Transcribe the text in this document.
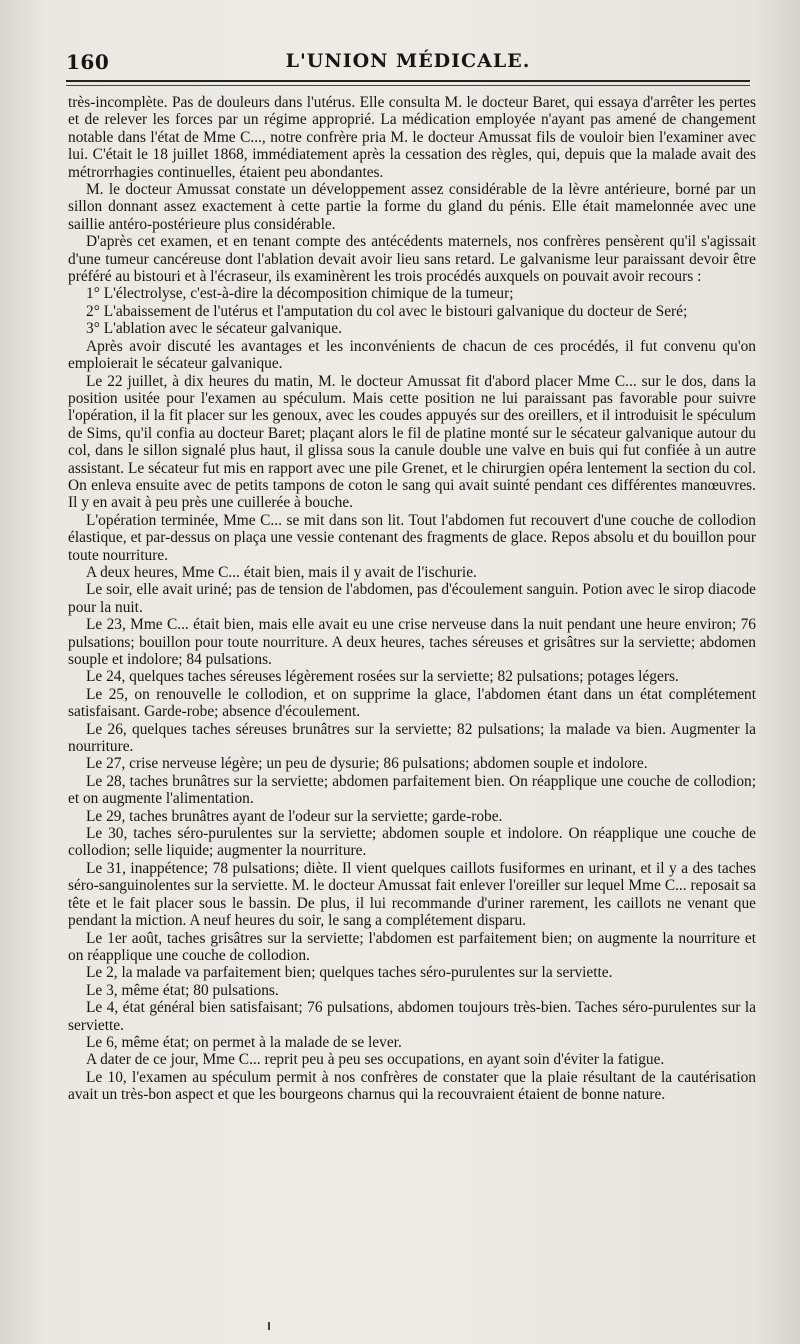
160	L'UNION MÉDICALE.

très-incomplète. Pas de douleurs dans l'utérus. Elle consulta M. le docteur Baret, qui essaya d'arrêter les pertes et de relever les forces par un régime approprié. La médication employée n'ayant pas amené de changement notable dans l'état de Mme C..., notre confrère pria M. le docteur Amussat fils de vouloir bien l'examiner avec lui. C'était le 18 juillet 1868, immédiatement après la cessation des règles, qui, depuis que la malade avait des métrorrhagies continuelles, étaient peu abondantes.

M. le docteur Amussat constate un développement assez considérable de la lèvre antérieure, borné par un sillon donnant assez exactement à cette partie la forme du gland du pénis. Elle était mamelonnée avec une saillie antéro-postérieure plus considérable.

D'après cet examen, et en tenant compte des antécédents maternels, nos confrères pensèrent qu'il s'agissait d'une tumeur cancéreuse dont l'ablation devait avoir lieu sans retard. Le galvanisme leur paraissant devoir être préféré au bistouri et à l'écraseur, ils examinèrent les trois procédés auxquels on pouvait avoir recours :

1° L'électrolyse, c'est-à-dire la décomposition chimique de la tumeur;

2° L'abaissement de l'utérus et l'amputation du col avec le bistouri galvanique du docteur de Seré;

3° L'ablation avec le sécateur galvanique.

Après avoir discuté les avantages et les inconvénients de chacun de ces procédés, il fut convenu qu'on emploierait le sécateur galvanique.

Le 22 juillet, à dix heures du matin, M. le docteur Amussat fit d'abord placer Mme C... sur le dos, dans la position usitée pour l'examen au spéculum. Mais cette position ne lui paraissant pas favorable pour suivre l'opération, il la fit placer sur les genoux, avec les coudes appuyés sur des oreillers, et il introduisit le spéculum de Sims, qu'il confia au docteur Baret; plaçant alors le fil de platine monté sur le sécateur galvanique autour du col, dans le sillon signalé plus haut, il glissa sous la canule double une valve en buis qui fut confiée à un autre assistant. Le sécateur fut mis en rapport avec une pile Grenet, et le chirurgien opéra lentement la section du col. On enleva ensuite avec de petits tampons de coton le sang qui avait suinté pendant ces différentes manœuvres. Il y en avait à peu près une cuillerée à bouche.

L'opération terminée, Mme C... se mit dans son lit. Tout l'abdomen fut recouvert d'une couche de collodion élastique, et par-dessus on plaça une vessie contenant des fragments de glace. Repos absolu et du bouillon pour toute nourriture.

A deux heures, Mme C... était bien, mais il y avait de l'ischurie.

Le soir, elle avait uriné; pas de tension de l'abdomen, pas d'écoulement sanguin. Potion avec le sirop diacode pour la nuit.

Le 23, Mme C... était bien, mais elle avait eu une crise nerveuse dans la nuit pendant une heure environ; 76 pulsations; bouillon pour toute nourriture. A deux heures, taches séreuses et grisâtres sur la serviette; abdomen souple et indolore; 84 pulsations.

Le 24, quelques taches séreuses légèrement rosées sur la serviette; 82 pulsations; potages légers.

Le 25, on renouvelle le collodion, et on supprime la glace, l'abdomen étant dans un état complétement satisfaisant. Garde-robe; absence d'écoulement.

Le 26, quelques taches séreuses brunâtres sur la serviette; 82 pulsations; la malade va bien. Augmenter la nourriture.

Le 27, crise nerveuse légère; un peu de dysurie; 86 pulsations; abdomen souple et indolore.

Le 28, taches brunâtres sur la serviette; abdomen parfaitement bien. On réapplique une couche de collodion; et on augmente l'alimentation.

Le 29, taches brunâtres ayant de l'odeur sur la serviette; garde-robe.

Le 30, taches séro-purulentes sur la serviette; abdomen souple et indolore. On réapplique une couche de collodion; selle liquide; augmenter la nourriture.

Le 31, inappétence; 78 pulsations; diète. Il vient quelques caillots fusiformes en urinant, et il y a des taches séro-sanguinolentes sur la serviette. M. le docteur Amussat fait enlever l'oreiller sur lequel Mme C... reposait sa tête et le fait placer sous le bassin. De plus, il lui recommande d'uriner rarement, les caillots ne venant que pendant la miction. A neuf heures du soir, le sang a complétement disparu.

Le 1er août, taches grisâtres sur la serviette; l'abdomen est parfaitement bien; on augmente la nourriture et on réapplique une couche de collodion.

Le 2, la malade va parfaitement bien; quelques taches séro-purulentes sur la serviette.

Le 3, même état; 80 pulsations.

Le 4, état général bien satisfaisant; 76 pulsations, abdomen toujours très-bien. Taches séro-purulentes sur la serviette.

Le 6, même état; on permet à la malade de se lever.

A dater de ce jour, Mme C... reprit peu à peu ses occupations, en ayant soin d'éviter la fatigue.

Le 10, l'examen au spéculum permit à nos confrères de constater que la plaie résultant de la cautérisation avait un très-bon aspect et que les bourgeons charnus qui la recouvraient étaient de bonne nature.
